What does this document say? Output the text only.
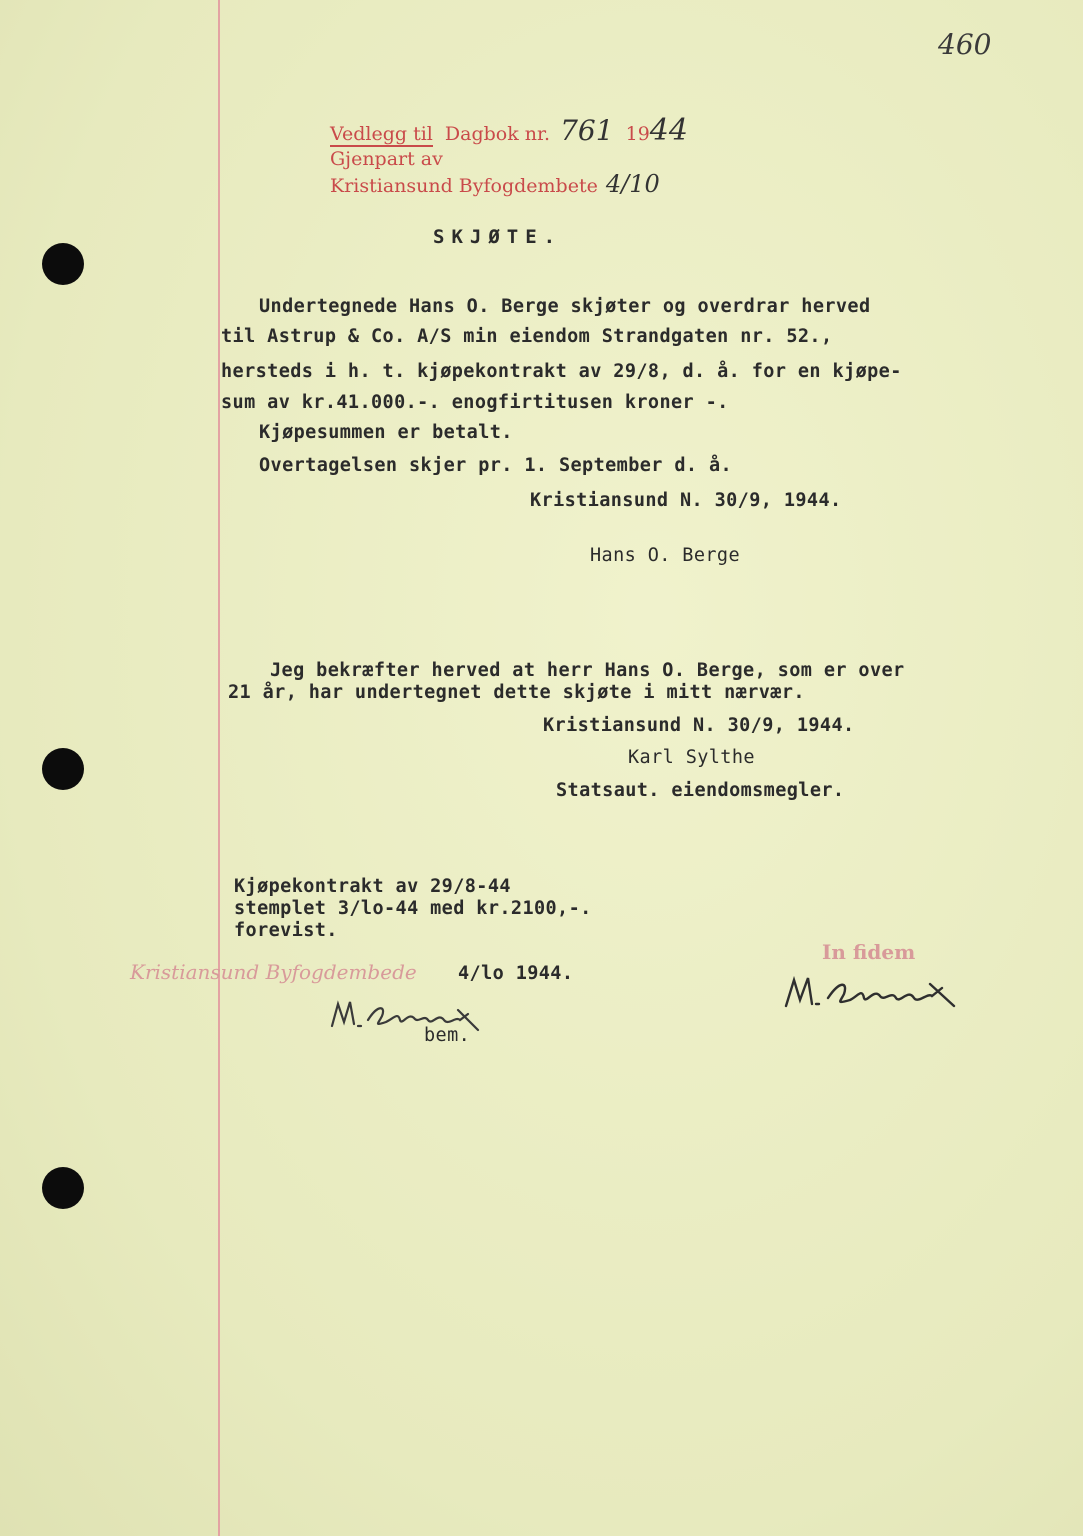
460
Vedlegg til Dagbok nr. 761 1944
Gjenpart av
Kristiansund Byfogdembete 4/10
SKJØTE.
Undertegnede Hans O. Berge skjøter og overdrar herved
til Astrup & Co. A/S min eiendom Strandgaten nr. 52.,
hersteds i h. t. kjøpekontrakt av 29/8, d. å. for en kjøpe-
sum av kr.41.000.-. enogfirtitusen kroner -.
Kjøpesummen er betalt.
Overtagelsen skjer pr. 1. September d. å.
Kristiansund N. 30/9, 1944.
Hans O. Berge
Jeg bekræfter herved at herr Hans O. Berge, som er over
21 år, har undertegnet dette skjøte i mitt nærvær.
Kristiansund N. 30/9, 1944.
Karl Sylthe
Statsaut. eiendomsmegler.
Kjøpekontrakt av 29/8-44
stemplet 3/lo-44 med kr.2100,-.
forevist.
Kristiansund Byfogdembede 4/lo 1944.
In fidem
bem.
